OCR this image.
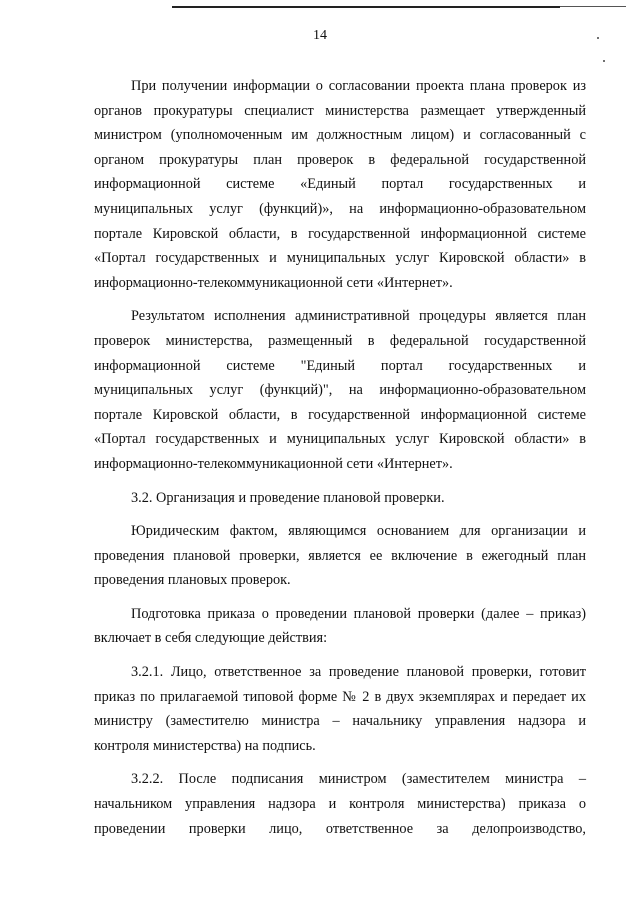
14
При получении информации о согласовании проекта плана проверок из
органов прокуратуры специалист министерства размещает утвержденный
министром (уполномоченным им должностным лицом) и согласованный с
органом прокуратуры план проверок в федеральной государственной
информационной системе «Единый портал государственных и
муниципальных услуг (функций)», на информационно-образовательном
портале Кировской области, в государственной информационной системе
«Портал государственных и муниципальных услуг Кировской области» в
информационно-телекоммуникационной сети «Интернет».
Результатом исполнения административной процедуры является план
проверок министерства, размещенный в федеральной государственной
информационной системе "Единый портал государственных и
муниципальных услуг (функций)", на информационно-образовательном
портале Кировской области, в государственной информационной системе
«Портал государственных и муниципальных услуг Кировской области» в
информационно-телекоммуникационной сети «Интернет».
3.2. Организация и проведение плановой проверки.
Юридическим фактом, являющимся основанием для организации и
проведения плановой проверки, является ее включение в ежегодный план
проведения плановых проверок.
Подготовка приказа о проведении плановой проверки (далее – приказ)
включает в себя следующие действия:
3.2.1. Лицо, ответственное за проведение плановой проверки, готовит
приказ по прилагаемой типовой форме № 2 в двух экземплярах и передает их
министру (заместителю министра – начальнику управления надзора и
контроля министерства) на подпись.
3.2.2. После подписания министром (заместителем министра –
начальником управления надзора и контроля министерства) приказа о
проведении проверки лицо, ответственное за делопроизводство,
